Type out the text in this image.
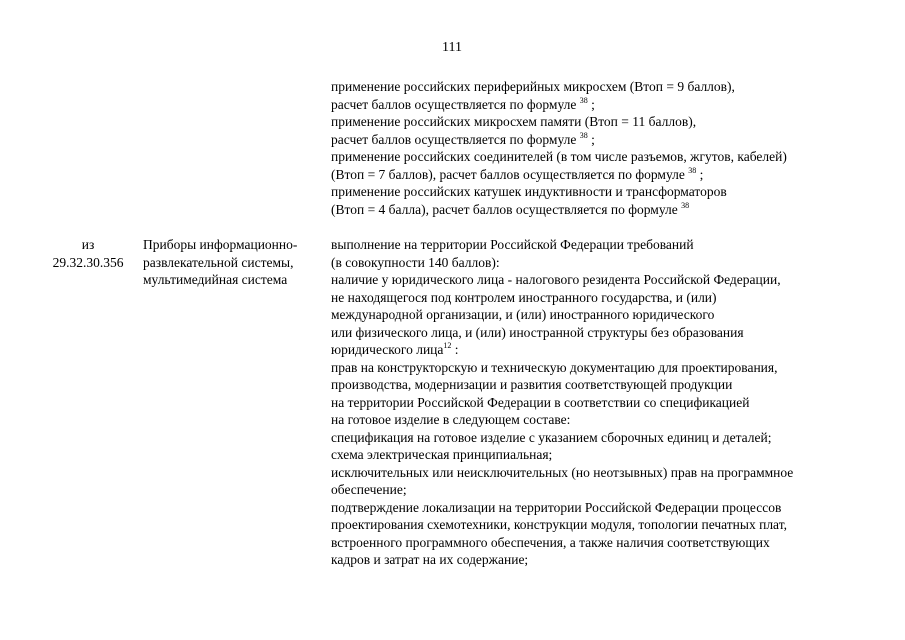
111
применение российских периферийных микросхем (Втоп = 9 баллов),
расчет баллов осуществляется по формуле $^{38}$ ;
применение российских микросхем памяти (Втоп = 11 баллов),
расчет баллов осуществляется по формуле $^{38}$ ;
применение российских соединителей (в том числе разъемов, жгутов, кабелей)
(Втоп = 7 баллов), расчет баллов осуществляется по формуле $^{38}$ ;
применение российских катушек индуктивности и трансформаторов
(Втоп = 4 балла), расчет баллов осуществляется по формуле $^{38}$
из
29.32.30.356
Приборы информационно-
развлекательной системы,
мультимедийная система
выполнение на территории Российской Федерации требований
(в совокупности 140 баллов):
наличие у юридического лица - налогового резидента Российской Федерации,
не находящегося под контролем иностранного государства, и (или)
международной организации, и (или) иностранного юридического
или физического лица, и (или) иностранной структуры без образования
юридического лица$^{12}$ :
прав на конструкторскую и техническую документацию для проектирования,
производства, модернизации и развития соответствующей продукции
на территории Российской Федерации в соответствии со спецификацией
на готовое изделие в следующем составе:
спецификация на готовое изделие с указанием сборочных единиц и деталей;
схема электрическая принципиальная;
исключительных или неисключительных (но неотзывных) прав на программное
обеспечение;
подтверждение локализации на территории Российской Федерации процессов
проектирования схемотехники, конструкции модуля, топологии печатных плат,
встроенного программного обеспечения, а также наличия соответствующих
кадров и затрат на их содержание;
